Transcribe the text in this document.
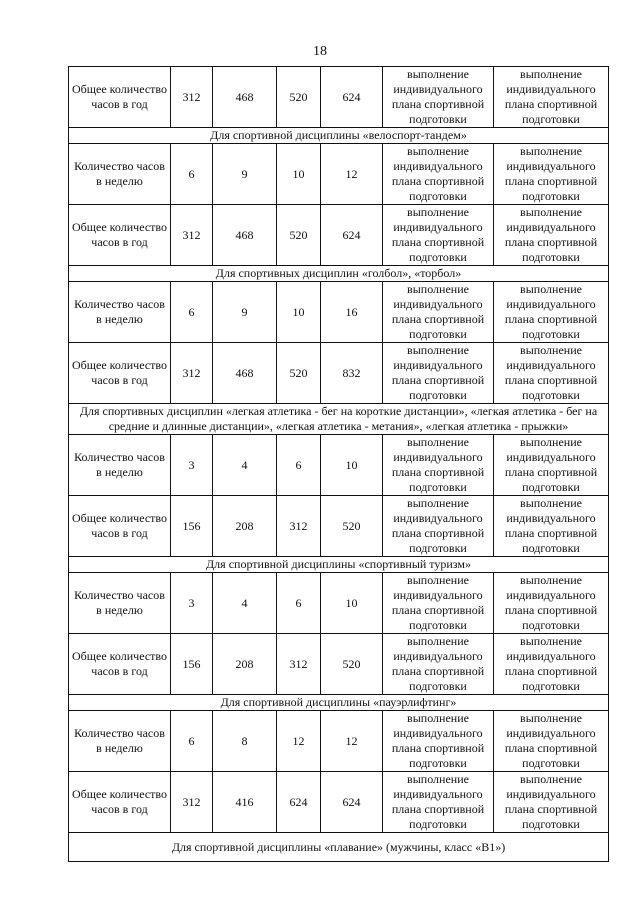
18
Общее количество часов в год	312	468	520	624	выполнение индивидуального плана спортивной подготовки	выполнение индивидуального плана спортивной подготовки
Для спортивной дисциплины «велоспорт-тандем»						
Количество часов в неделю	6	9	10	12	выполнение индивидуального плана спортивной подготовки	выполнение индивидуального плана спортивной подготовки
Общее количество часов в год	312	468	520	624	выполнение индивидуального плана спортивной подготовки	выполнение индивидуального плана спортивной подготовки
Для спортивных дисциплин «голбол», «торбол»						
Количество часов в неделю	6	9	10	16	выполнение индивидуального плана спортивной подготовки	выполнение индивидуального плана спортивной подготовки
Общее количество часов в год	312	468	520	832	выполнение индивидуального плана спортивной подготовки	выполнение индивидуального плана спортивной подготовки
Для спортивных дисциплин «легкая атлетика - бег на короткие дистанции», «легкая атлетика - бег на средние и длинные дистанции», «легкая атлетика - метания», «легкая атлетика - прыжки»						
Количество часов в неделю	3	4	6	10	выполнение индивидуального плана спортивной подготовки	выполнение индивидуального плана спортивной подготовки
Общее количество часов в год	156	208	312	520	выполнение индивидуального плана спортивной подготовки	выполнение индивидуального плана спортивной подготовки
Для спортивной дисциплины «спортивный туризм»						
Количество часов в неделю	3	4	6	10	выполнение индивидуального плана спортивной подготовки	выполнение индивидуального плана спортивной подготовки
Общее количество часов в год	156	208	312	520	выполнение индивидуального плана спортивной подготовки	выполнение индивидуального плана спортивной подготовки
Для спортивной дисциплины «пауэрлифтинг»						
Количество часов в неделю	6	8	12	12	выполнение индивидуального плана спортивной подготовки	выполнение индивидуального плана спортивной подготовки
Общее количество часов в год	312	416	624	624	выполнение индивидуального плана спортивной подготовки	выполнение индивидуального плана спортивной подготовки
Для спортивной дисциплины «плавание» (мужчины, класс «В1»)						
